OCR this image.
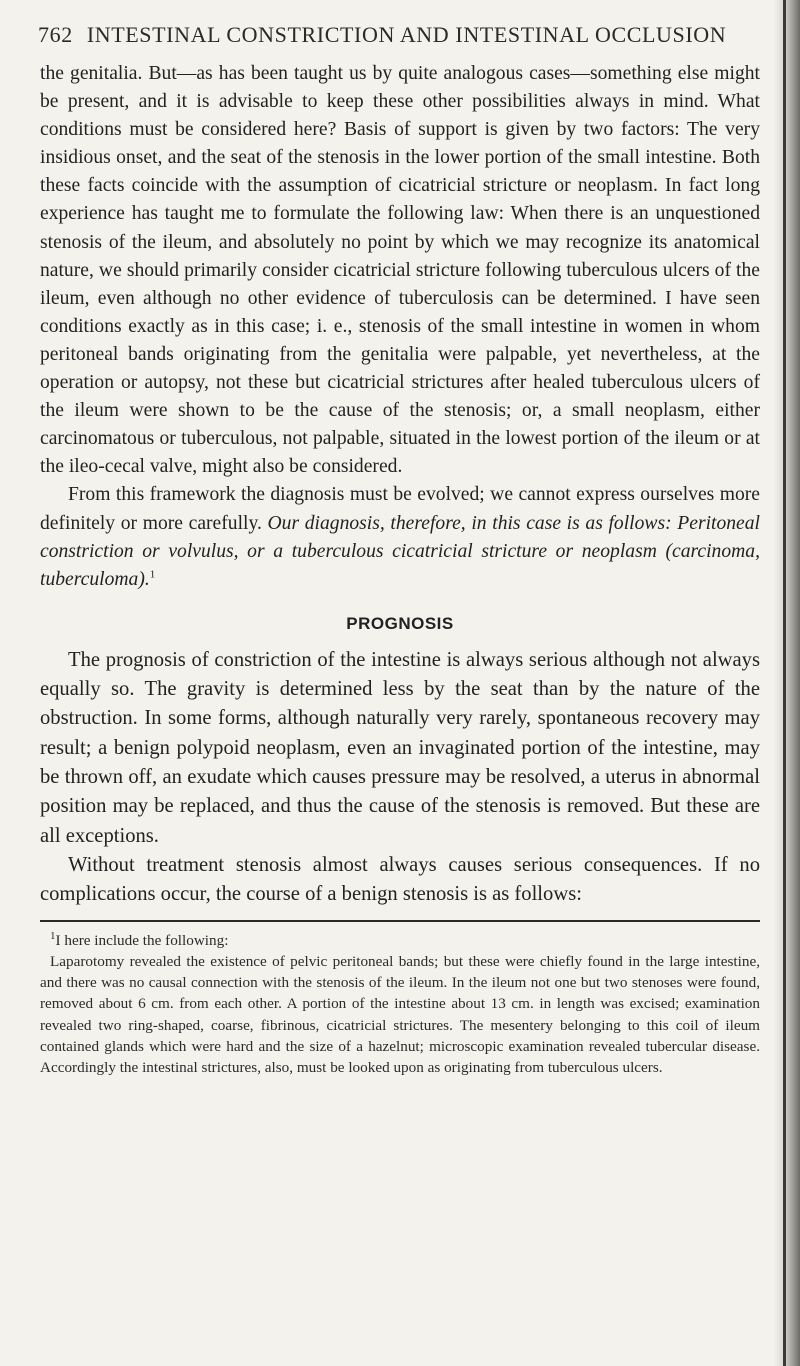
762 INTESTINAL CONSTRICTION AND INTESTINAL OCCLUSION

the genitalia. But—as has been taught us by quite analogous cases—something else might be present, and it is advisable to keep these other possibilities always in mind. What conditions must be considered here? Basis of support is given by two factors: The very insidious onset, and the seat of the stenosis in the lower portion of the small intestine. Both these facts coincide with the assumption of cicatricial stricture or neoplasm. In fact long experience has taught me to formulate the following law: When there is an unquestioned stenosis of the ileum, and absolutely no point by which we may recognize its anatomical nature, we should primarily consider cicatricial stricture following tuberculous ulcers of the ileum, even although no other evidence of tuberculosis can be determined. I have seen conditions exactly as in this case; i. e., stenosis of the small intestine in women in whom peritoneal bands originating from the genitalia were palpable, yet nevertheless, at the operation or autopsy, not these but cicatricial strictures after healed tuberculous ulcers of the ileum were shown to be the cause of the stenosis; or, a small neoplasm, either carcinomatous or tuberculous, not palpable, situated in the lowest portion of the ileum or at the ileo-cecal valve, might also be considered.

From this framework the diagnosis must be evolved; we cannot express ourselves more definitely or more carefully. Our diagnosis, therefore, in this case is as follows: Peritoneal constriction or volvulus, or a tuberculous cicatricial stricture or neoplasm (carcinoma, tuberculoma).$^1$

PROGNOSIS

The prognosis of constriction of the intestine is always serious although not always equally so. The gravity is determined less by the seat than by the nature of the obstruction. In some forms, although naturally very rarely, spontaneous recovery may result; a benign polypoid neoplasm, even an invaginated portion of the intestine, may be thrown off, an exudate which causes pressure may be resolved, a uterus in abnormal position may be replaced, and thus the cause of the stenosis is removed. But these are all exceptions.

Without treatment stenosis almost always causes serious consequences. If no complications occur, the course of a benign stenosis is as follows:

$^1$I here include the following:

Laparotomy revealed the existence of pelvic peritoneal bands; but these were chiefly found in the large intestine, and there was no causal connection with the stenosis of the ileum. In the ileum not one but two stenoses were found, removed about 6 cm. from each other. A portion of the intestine about 13 cm. in length was excised; examination revealed two ring-shaped, coarse, fibrinous, cicatricial strictures. The mesentery belonging to this coil of ileum contained glands which were hard and the size of a hazelnut; microscopic examination revealed tubercular disease. Accordingly the intestinal strictures, also, must be looked upon as originating from tuberculous ulcers.
